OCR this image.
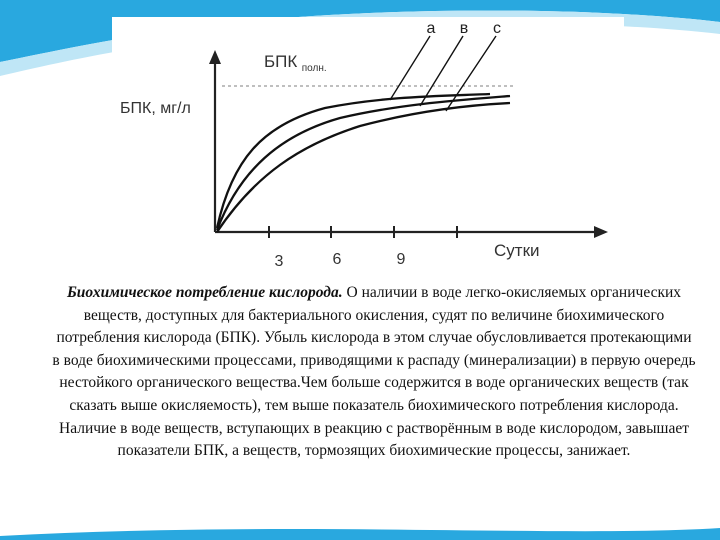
а в с
БПК $_{полн.}$
БПК, мг/л
Сутки
3	6	9
Биохимическое потребление кислорода. О наличии в воде легко-окисляемых органических веществ, доступных для бактериального окисления, судят по величине биохимического потребления кислорода (БПК). Убыль кислорода в этом случае обусловливается протекающими в воде биохимическими процессами, приводящими к распаду (минерализации) в первую очередь нестойкого органического вещества.Чем больше содержится в воде органических веществ (так сказать выше окисляемость), тем выше показатель биохимического потребления кислорода. Наличие в воде веществ, вступающих в реакцию с растворённым в воде кислородом, завышает показатели БПК, а веществ, тормозящих биохимические процессы, занижает.
